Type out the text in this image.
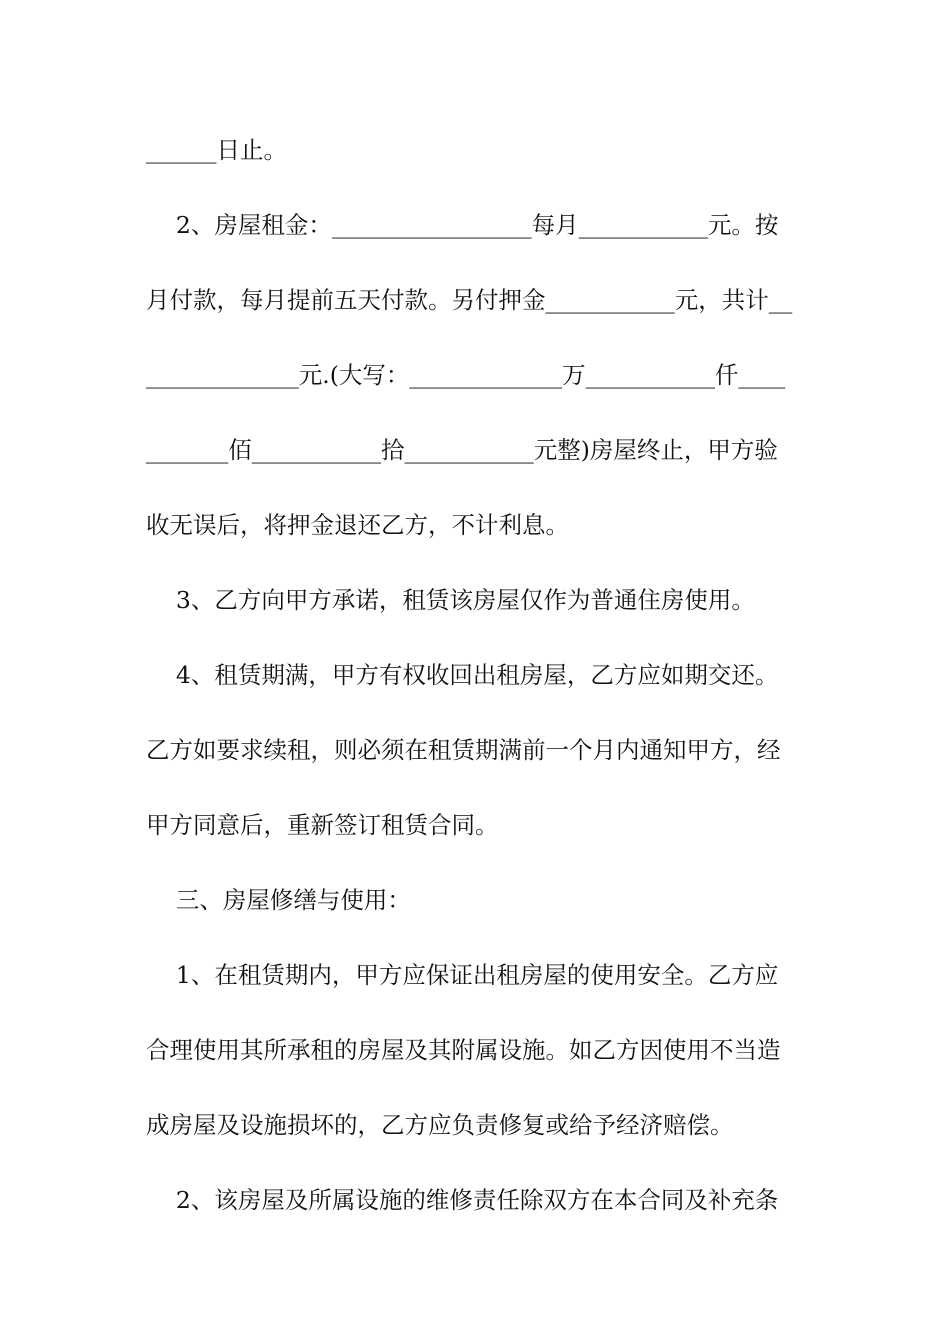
______日止。
2、房屋租金：_________________每月___________元。按
月付款，每月提前五天付款。另付押金___________元，共计__
_____________元.(大写：_____________万___________仟____
_______佰___________拾___________元整)房屋终止，甲方验
收无误后，将押金退还乙方，不计利息。
3、乙方向甲方承诺，租赁该房屋仅作为普通住房使用。
4、租赁期满，甲方有权收回出租房屋，乙方应如期交还。
乙方如要求续租，则必须在租赁期满前一个月内通知甲方，经
甲方同意后，重新签订租赁合同。
三、房屋修缮与使用：
1、在租赁期内，甲方应保证出租房屋的使用安全。乙方应
合理使用其所承租的房屋及其附属设施。如乙方因使用不当造
成房屋及设施损坏的，乙方应负责修复或给予经济赔偿。
2、该房屋及所属设施的维修责任除双方在本合同及补充条
